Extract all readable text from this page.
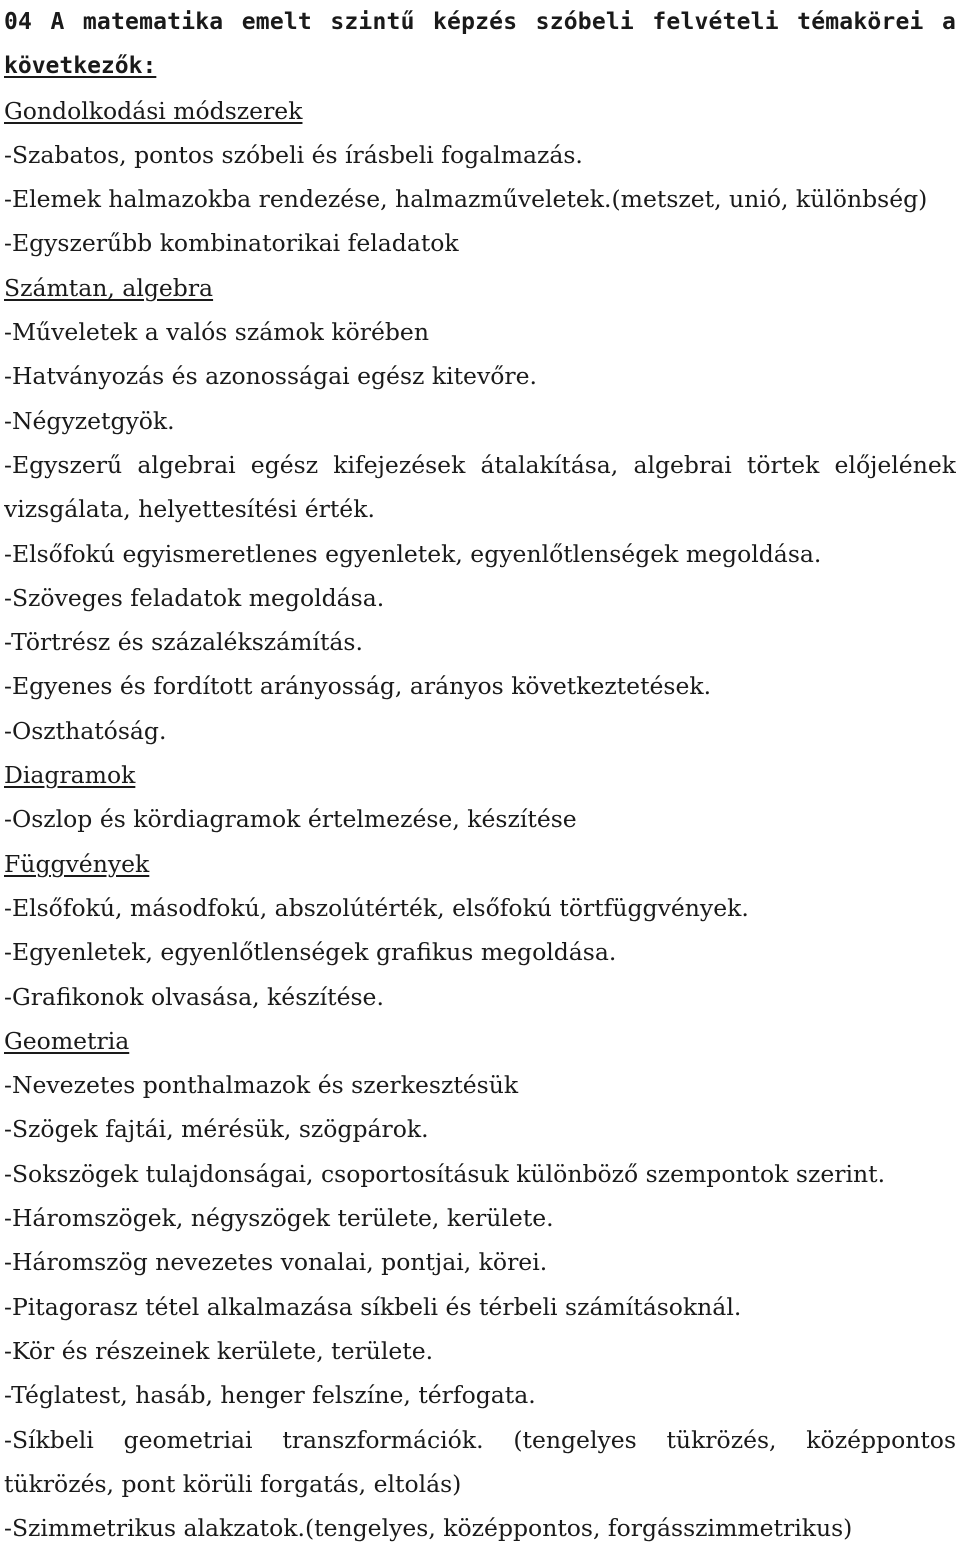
04 A matematika emelt szintű képzés szóbeli felvételi témakörei a
következők:
Gondolkodási módszerek
-Szabatos, pontos szóbeli és írásbeli fogalmazás.
-Elemek halmazokba rendezése, halmazműveletek.(metszet, unió, különbség)
-Egyszerűbb kombinatorikai feladatok
Számtan, algebra
-Műveletek a valós számok körében
-Hatványozás és azonosságai egész kitevőre.
-Négyzetgyök.
-Egyszerű algebrai egész kifejezések átalakítása, algebrai törtek előjelének
vizsgálata, helyettesítési érték.
-Elsőfokú egyismeretlenes egyenletek, egyenlőtlenségek megoldása.
-Szöveges feladatok megoldása.
-Törtrész és százalékszámítás.
-Egyenes és fordított arányosság, arányos következtetések.
-Oszthatóság.
Diagramok
-Oszlop és kördiagramok értelmezése, készítése
Függvények
-Elsőfokú, másodfokú, abszolútérték, elsőfokú törtfüggvények.
-Egyenletek, egyenlőtlenségek grafikus megoldása.
-Grafikonok olvasása, készítése.
Geometria
-Nevezetes ponthalmazok és szerkesztésük
-Szögek fajtái, mérésük, szögpárok.
-Sokszögek tulajdonságai, csoportosításuk különböző szempontok szerint.
-Háromszögek, négyszögek területe, kerülete.
-Háromszög nevezetes vonalai, pontjai, körei.
-Pitagorasz tétel alkalmazása síkbeli és térbeli számításoknál.
-Kör és részeinek kerülete, területe.
-Téglatest, hasáb, henger felszíne, térfogata.
-Síkbeli geometriai transzformációk. (tengelyes tükrözés, középpontos
tükrözés, pont körüli forgatás, eltolás)
-Szimmetrikus alakzatok.(tengelyes, középpontos, forgásszimmetrikus)
